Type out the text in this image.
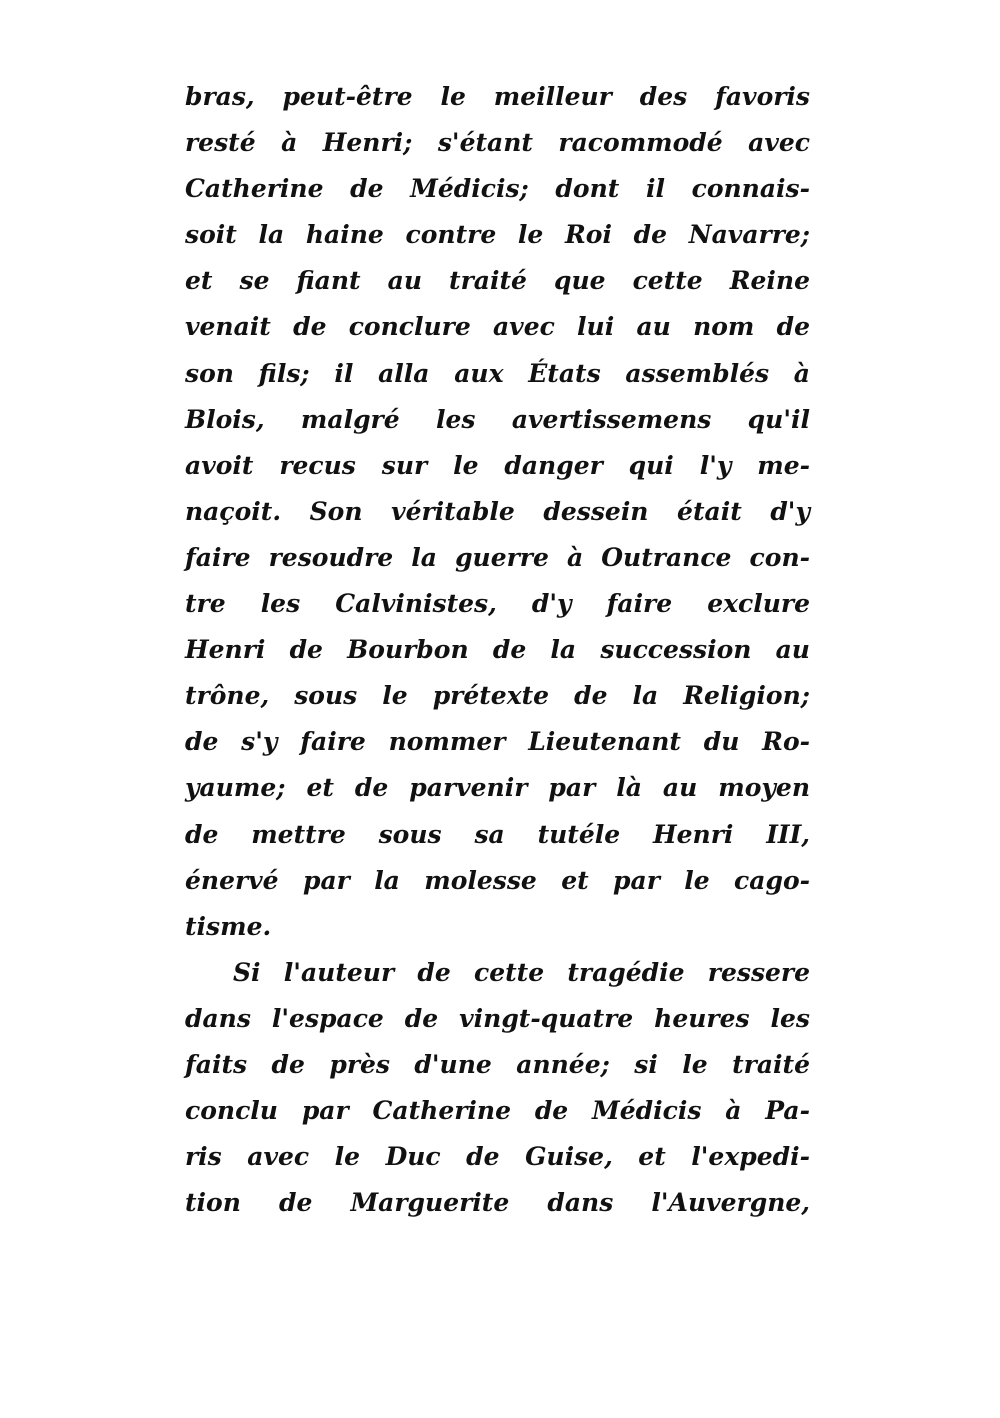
bras, peut-être le meilleur des favoris
resté à Henri; s'étant racommodé avec
Catherine de Médicis; dont il connais-
soit la haine contre le Roi de Navarre;
et se fiant au traité que cette Reine
venait de conclure avec lui au nom de
son fils; il alla aux États assemblés à
Blois, malgré les avertissemens qu'il
avoit recus sur le danger qui l'y me-
naçoit. Son véritable dessein était d'y
faire resoudre la guerre à Outrance con-
tre les Calvinistes, d'y faire exclure
Henri de Bourbon de la succession au
trône, sous le prétexte de la Religion;
de s'y faire nommer Lieutenant du Ro-
yaume; et de parvenir par là au moyen
de mettre sous sa tutéle Henri III,
énervé par la molesse et par le cago-
tisme.
Si l'auteur de cette tragédie ressere
dans l'espace de vingt-quatre heures les
faits de près d'une année; si le traité
conclu par Catherine de Médicis à Pa-
ris avec le Duc de Guise, et l'expedi-
tion de Marguerite dans l'Auvergne,
